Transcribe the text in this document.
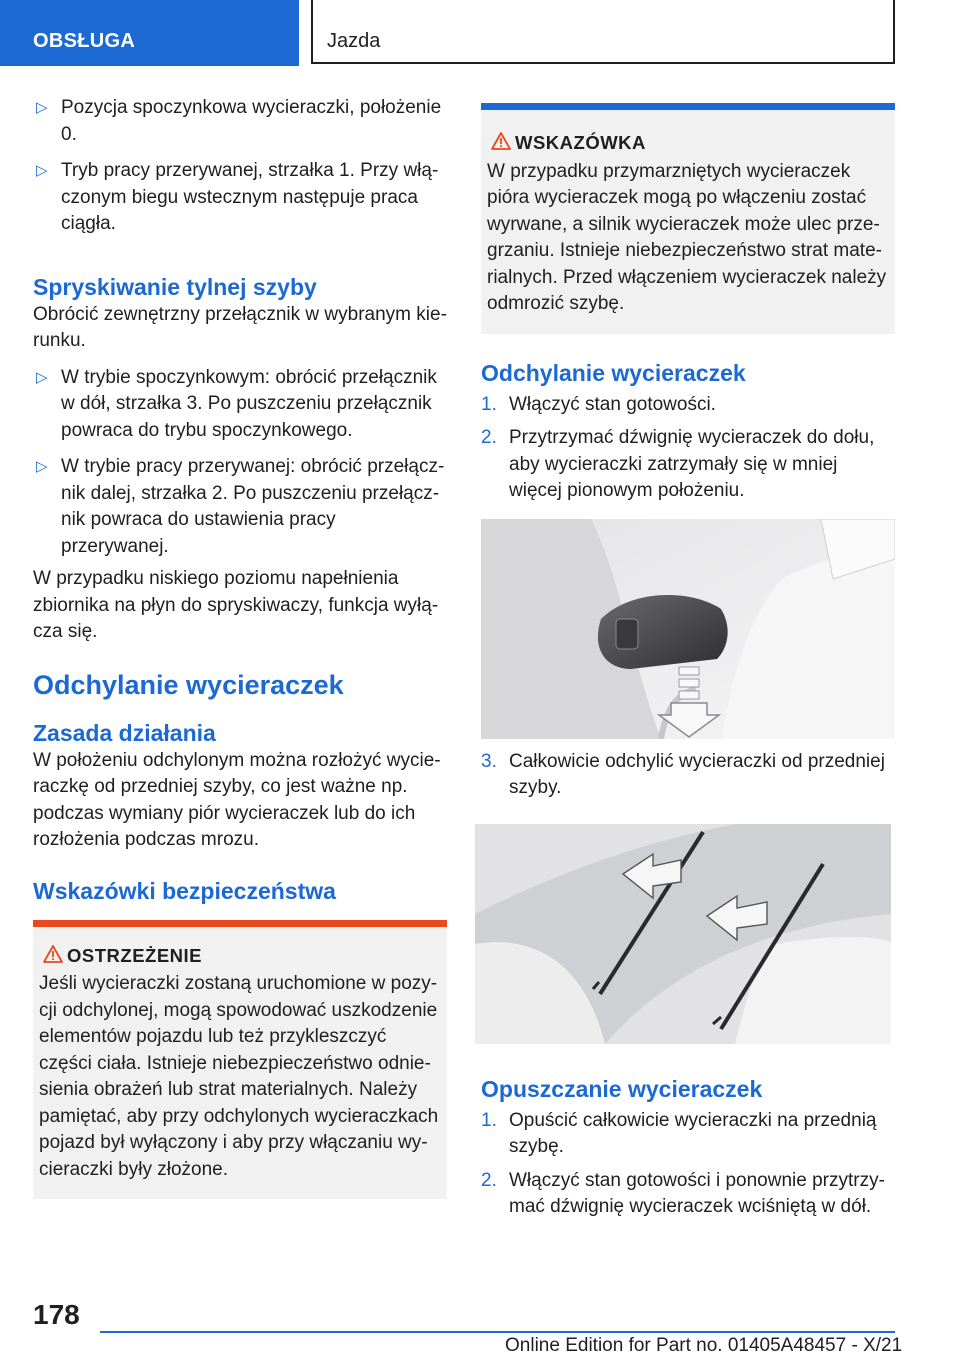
OBSŁUGA	Jazda
▷ Pozycja spoczynkowa wycieraczki, położenie 0.
▷ Tryb pracy przerywanej, strzałka 1. Przy włączonym biegu wstecznym następuje praca ciągła.
Spryskiwanie tylnej szyby

Obrócić zewnętrzny przełącznik w wybranym kierunku.

▷ W trybie spoczynkowym: obrócić przełącznik w dół, strzałka 3. Po puszczeniu przełącznik powraca do trybu spoczynkowego.
▷ W trybie pracy przerywanej: obrócić przełącznik dalej, strzałka 2. Po puszczeniu przełącznik powraca do ustawienia pracy przerywanej.

W przypadku niskiego poziomu napełnienia zbiornika na płyn do spryskiwaczy, funkcja wyłącza się.

Odchylanie wycieraczek
Zasada działania

W położeniu odchylonym można rozłożyć wycieraczkę od przedniej szyby, co jest ważne np. podczas wymiany piór wycieraczek lub do ich rozłożenia podczas mrozu.

Wskazówki bezpieczeństwa
OSTRZEŻENIE

Jeśli wycieraczki zostaną uruchomione w pozycji odchylonej, mogą spowodować uszkodzenie elementów pojazdu lub też przykleszczyć części ciała. Istnieje niebezpieczeństwo odniesienia obrażeń lub strat materialnych. Należy pamiętać, aby przy odchylonych wycieraczkach pojazd był wyłączony i aby przy włączaniu wycieraczki były złożone.

WSKAZÓWKA

W przypadku przymarzniętych wycieraczek pióra wycieraczek mogą po włączeniu zostać wyrwane, a silnik wycieraczek może ulec przegrzaniu. Istnieje niebezpieczeństwo strat materialnych. Przed włączeniem wycieraczek należy odmrozić szybę.

Odchylanie wycieraczek
1. Włączyć stan gotowości.
2. Przytrzymać dźwignię wycieraczek do dołu, aby wycieraczki zatrzymały się w mniej więcej pionowym położeniu.
3. Całkowicie odchylić wycieraczki od przedniej szyby.
Opuszczanie wycieraczek
1. Opuścić całkowicie wycieraczki na przednią szybę.
2. Włączyć stan gotowości i ponownie przytrzymać dźwignię wycieraczek wciśniętą w dół.
178
Online Edition for Part no. 01405A48457 - X/21
